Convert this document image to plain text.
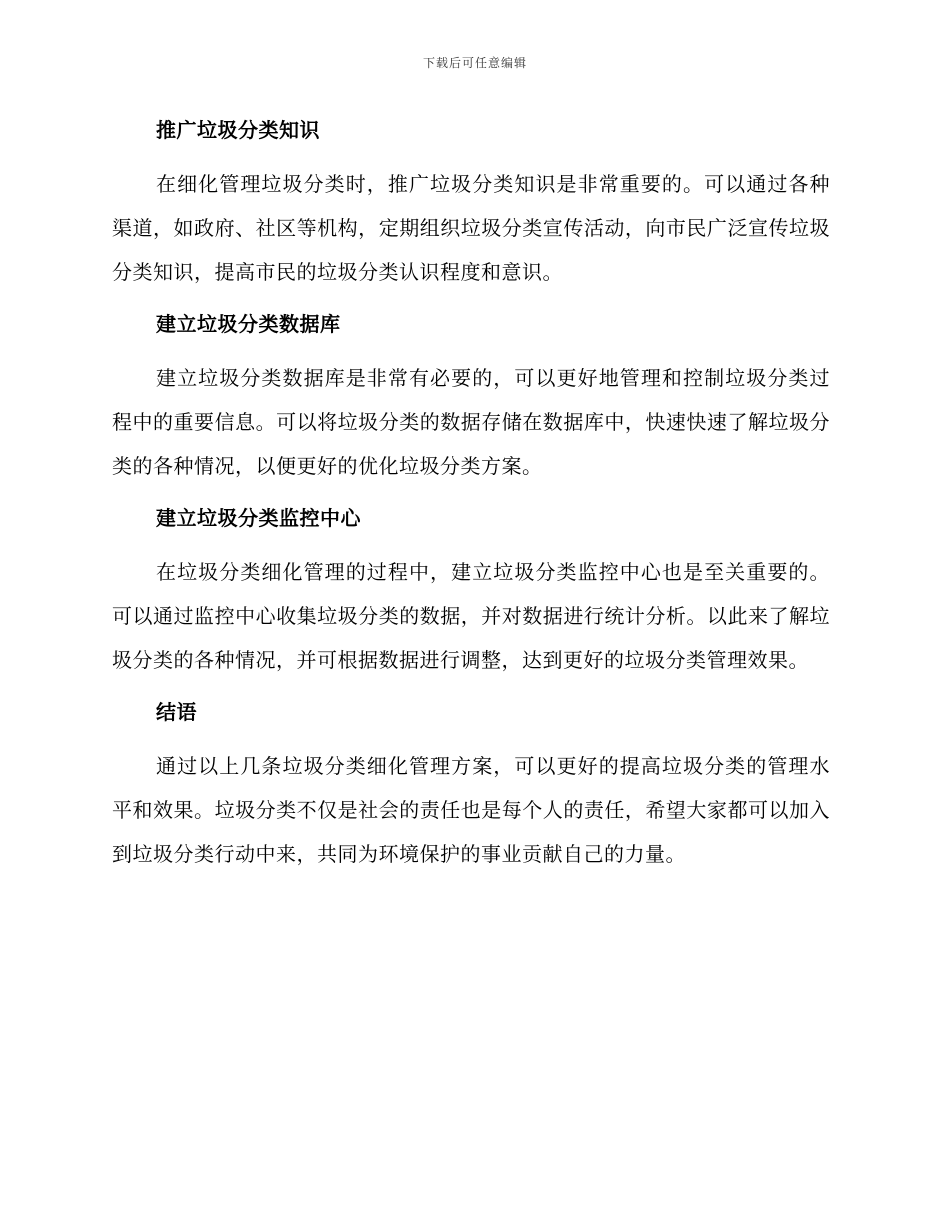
下载后可任意编辑
推广垃圾分类知识

在细化管理垃圾分类时，推广垃圾分类知识是非常重要的。可以通过各种渠道，如政府、社区等机构，定期组织垃圾分类宣传活动，向市民广泛宣传垃圾分类知识，提高市民的垃圾分类认识程度和意识。

建立垃圾分类数据库

建立垃圾分类数据库是非常有必要的，可以更好地管理和控制垃圾分类过程中的重要信息。可以将垃圾分类的数据存储在数据库中，快速快速了解垃圾分类的各种情况，以便更好的优化垃圾分类方案。

建立垃圾分类监控中心

在垃圾分类细化管理的过程中，建立垃圾分类监控中心也是至关重要的。可以通过监控中心收集垃圾分类的数据，并对数据进行统计分析。以此来了解垃圾分类的各种情况，并可根据数据进行调整，达到更好的垃圾分类管理效果。

结语

通过以上几条垃圾分类细化管理方案，可以更好的提高垃圾分类的管理水平和效果。垃圾分类不仅是社会的责任也是每个人的责任，希望大家都可以加入到垃圾分类行动中来，共同为环境保护的事业贡献自己的力量。
